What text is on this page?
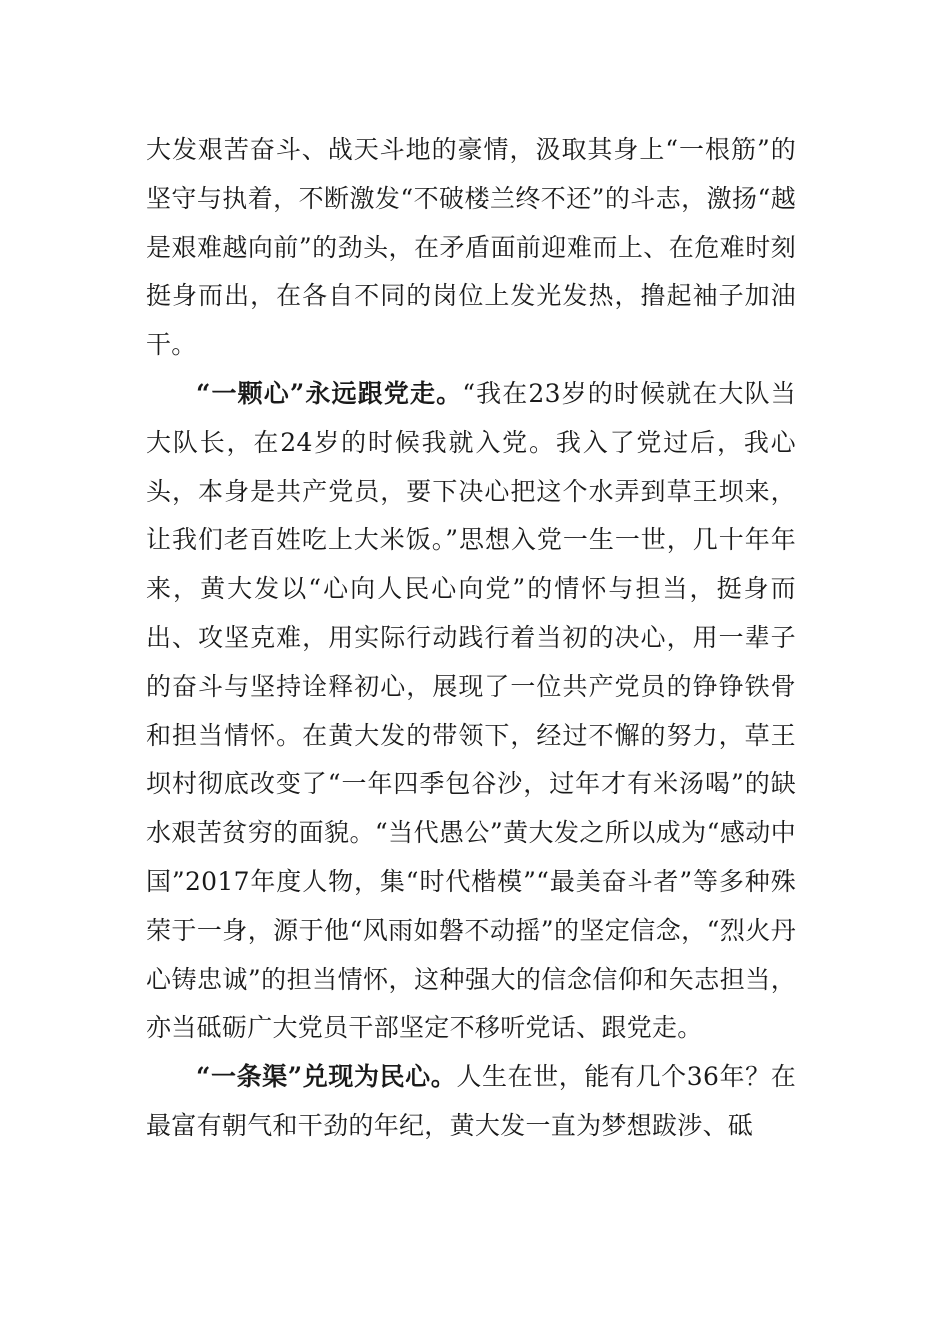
大发艰苦奋斗、战天斗地的豪情，汲取其身上“一根筋”的坚守与执着，不断激发“不破楼兰终不还”的斗志，激扬“越是艰难越向前”的劲头，在矛盾面前迎难而上、在危难时刻挺身而出，在各自不同的岗位上发光发热，撸起袖子加油干。

“一颗心”永远跟党走。“我在23岁的时候就在大队当大队长，在24岁的时候我就入党。我入了党过后，我心头，本身是共产党员，要下决心把这个水弄到草王坝来，让我们老百姓吃上大米饭。”思想入党一生一世，几十年年来，黄大发以“心向人民心向党”的情怀与担当，挺身而出、攻坚克难，用实际行动践行着当初的决心，用一辈子的奋斗与坚持诠释初心，展现了一位共产党员的铮铮铁骨和担当情怀。在黄大发的带领下，经过不懈的努力，草王坝村彻底改变了“一年四季包谷沙，过年才有米汤喝”的缺水艰苦贫穷的面貌。“当代愚公”黄大发之所以成为“感动中国”2017年度人物，集“时代楷模”“最美奋斗者”等多种殊荣于一身，源于他“风雨如磐不动摇”的坚定信念，“烈火丹心铸忠诚”的担当情怀，这种强大的信念信仰和矢志担当，亦当砥砺广大党员干部坚定不移听党话、跟党走。

“一条渠”兑现为民心。人生在世，能有几个36年？在最富有朝气和干劲的年纪，黄大发一直为梦想跋涉、砥
